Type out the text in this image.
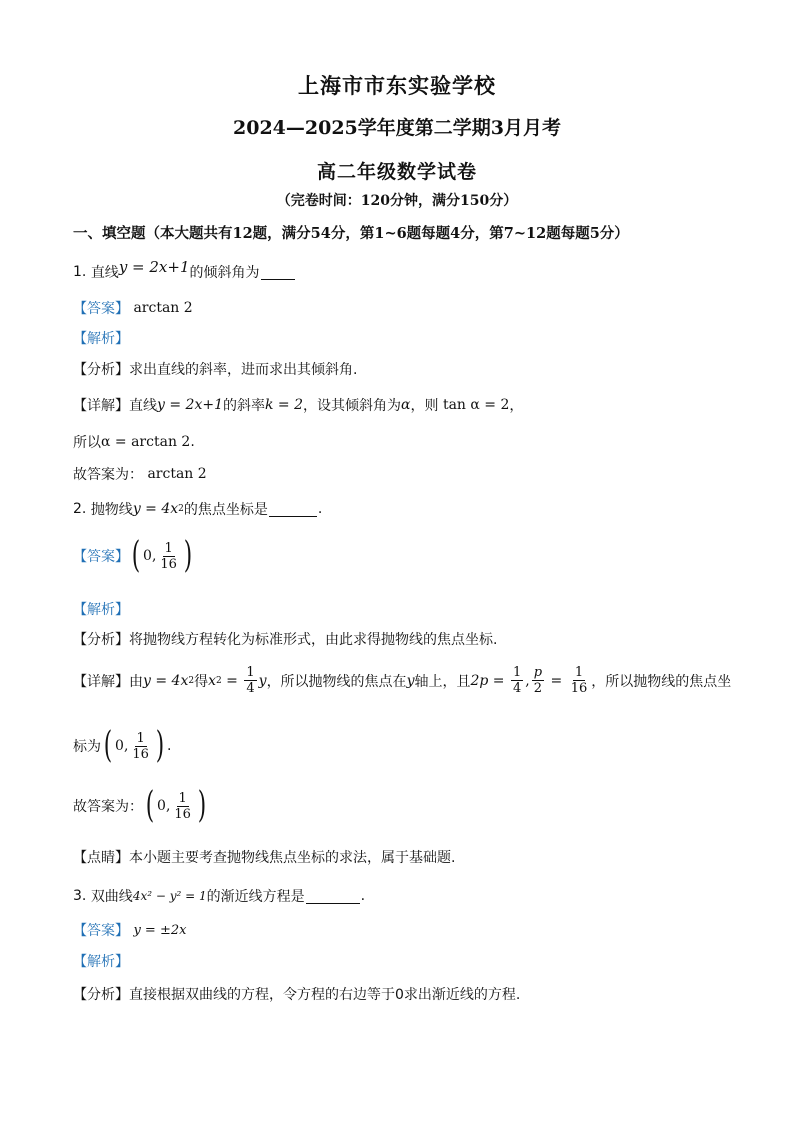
上海市市东实验学校
2024—2025学年度第二学期3月月考
高二年级数学试卷
（完卷时间：120分钟，满分150分）
一、填空题（本大题共有12题，满分54分，第1~6题每题4分，第7~12题每题5分）
1.
直线 y = 2x+1 的倾斜角为
【答案】
arctan 2
【解析】
【分析】 求出直线的斜率，进而求出其倾斜角.
【详解】 直线 y = 2x+1 的斜率 k = 2 ，设其倾斜角为 α ，则
tan α = 2 ，
所以 α = arctan 2 .
故答案为：
arctan 2
2.
抛物线 y = 4x 2 的焦点坐标是	.
【答案】 ( 0, $\frac{1}{16}$ )
【解析】
【分析】 将抛物线方程转化为标准形式，由此求得抛物线的焦点坐标.
【详解】 由 y = 4x 2 得 x $2 = \frac{1}{4}$ y ，所以抛物线的焦点在 y 轴上，且 $2p = \frac{1}{4}$ , $\frac{p}{2} = \frac{1}{16}$ ，所以抛物线的焦点坐
标为 ( 0, $\frac{1}{16}$ ) .
故答案为： ( 0, $\frac{1}{16}$ )
【点睛】 本小题主要考查抛物线焦点坐标的求法，属于基础题.
3.
双曲线 4x² − y² = 1 的渐近线方程是	.
【答案】
y = ±2x
【解析】
【分析】 直接根据双曲线的方程，令方程的右边等于0求出渐近线的方程.
